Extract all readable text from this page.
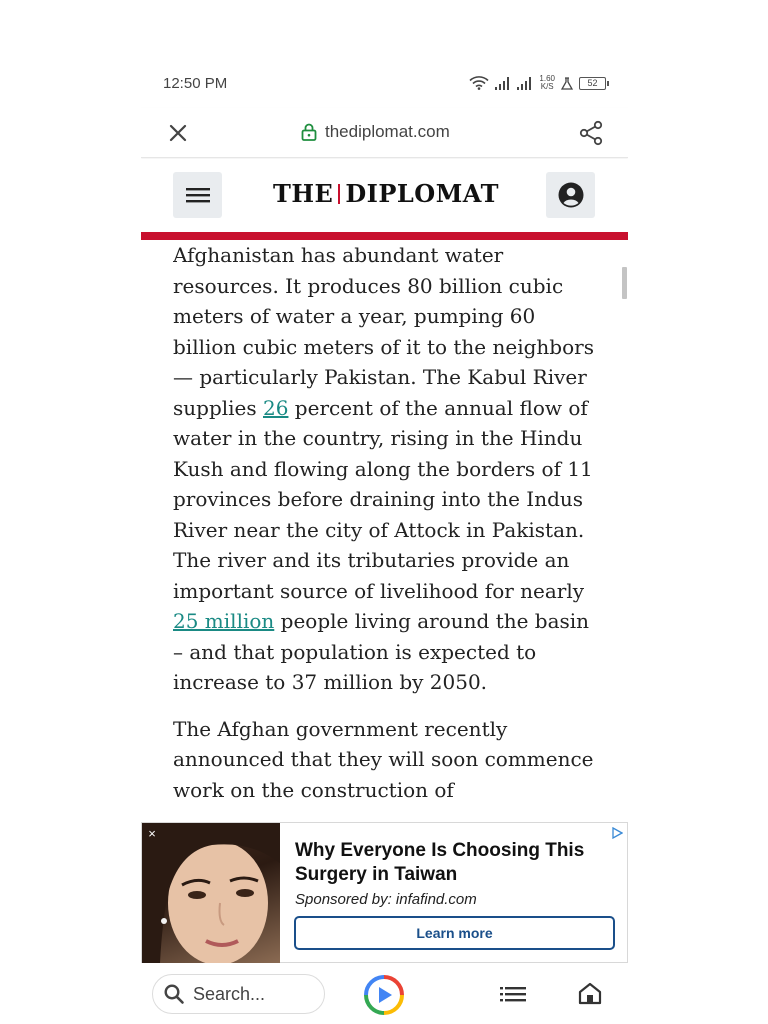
12:50 PM	1.60
K/S	52
thediplomat.com
THE DIPLOMAT

Afghanistan has abundant water resources. It produces 80 billion cubic meters of water a year, pumping 60 billion cubic meters of it to the neighbors — particularly Pakistan. The Kabul River supplies 26 percent of the annual flow of water in the country, rising in the Hindu Kush and flowing along the borders of 11 provinces before draining into the Indus River near the city of Attock in Pakistan. The river and its tributaries provide an important source of livelihood for nearly 25 million people living around the basin – and that population is expected to increase to 37 million by 2050.

The Afghan government recently announced that they will soon commence work on the construction of

×
Why Everyone Is Choosing This Surgery in Taiwan
Sponsored by: infafind.com
Learn more
Search...
